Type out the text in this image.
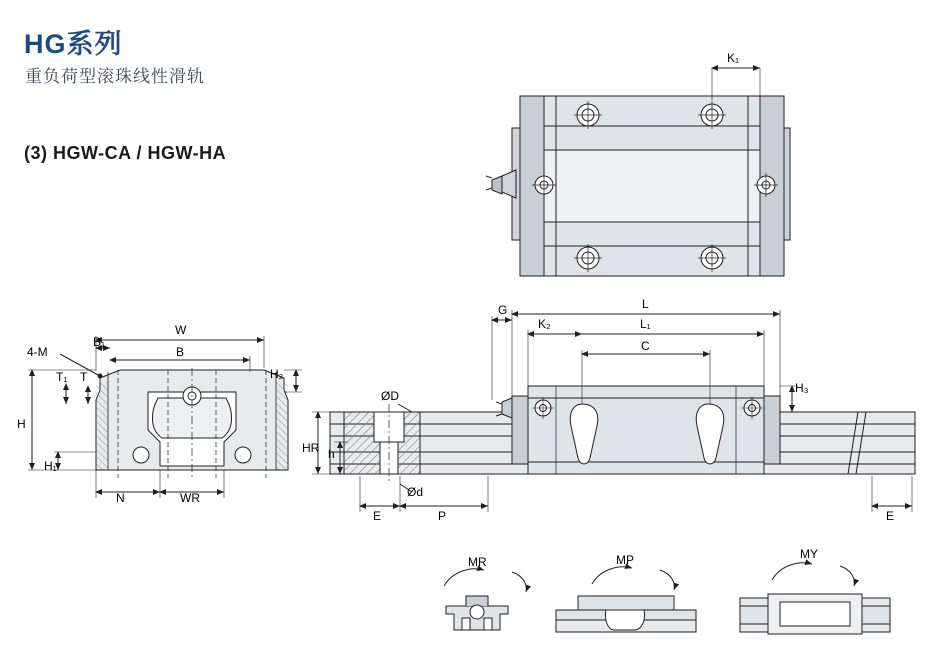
HG系列
重负荷型滚珠线性滑轨
(3) HGW-CA / HGW-HA
K₁
W
B
B₁
4-M
H₂
H
H₁
T₁ T
N	WR
L
L₁
C
K₂
G
H₃
HR h
ØD
Ød
E	P	E
MR	MP	MY
